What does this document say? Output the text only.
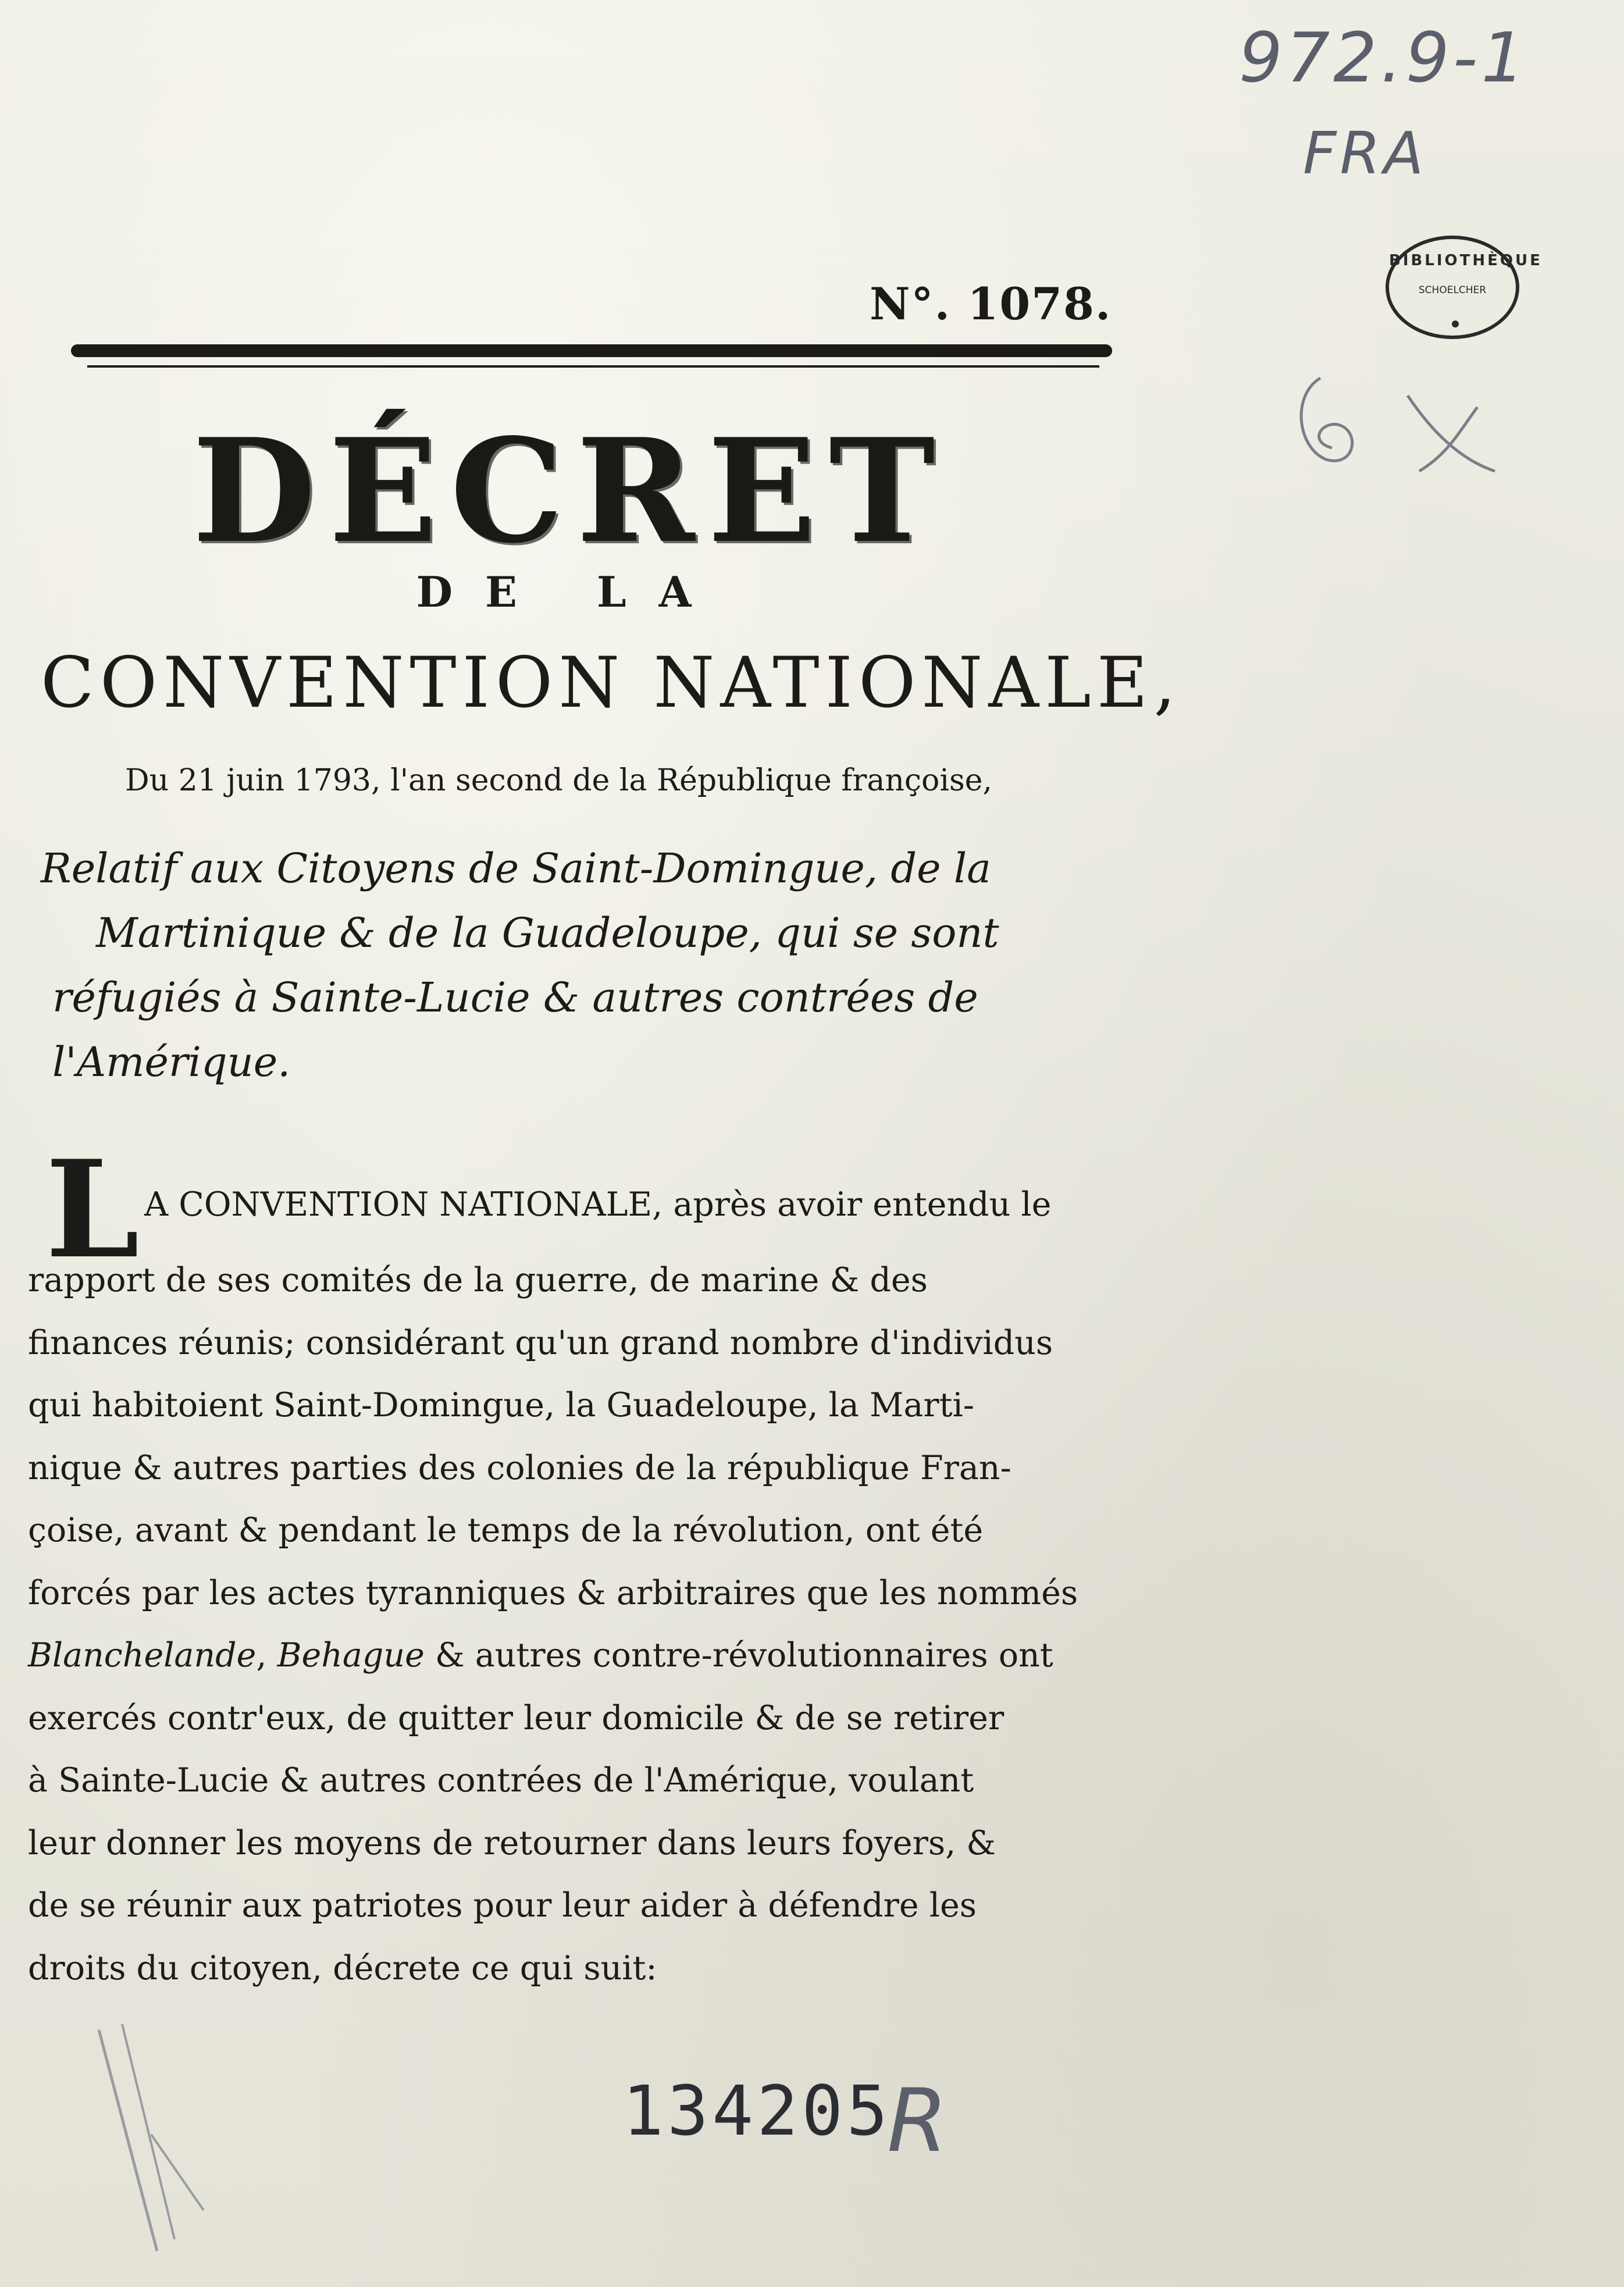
972.9-1
FRA
BIBLIOTHÈQUE
SCHOELCHER
N°. 1078.
DÉCRET
DE LA
CONVENTION NATIONALE,
Du 21 juin 1793, l'an second de la République françoise,
Relatif aux Citoyens de Saint-Domingue, de la
Martinique & de la Guadeloupe, qui se sont
réfugiés à Sainte-Lucie & autres contrées de
l'Amérique.
L A CONVENTION NATIONALE, après avoir entendu le
rapport de ses comités de la guerre, de marine & des
finances réunis; considérant qu'un grand nombre d'individus
qui habitoient Saint-Domingue, la Guadeloupe, la Marti-
nique & autres parties des colonies de la république Fran-
çoise, avant & pendant le temps de la révolution, ont été
forcés par les actes tyranniques & arbitraires que les nommés
Blanchelande, Behague & autres contre-révolutionnaires ont
exercés contr'eux, de quitter leur domicile & de se retirer
à Sainte-Lucie & autres contrées de l'Amérique, voulant
leur donner les moyens de retourner dans leurs foyers, &
de se réunir aux patriotes pour leur aider à défendre les
droits du citoyen, décrete ce qui suit:
134205
R
